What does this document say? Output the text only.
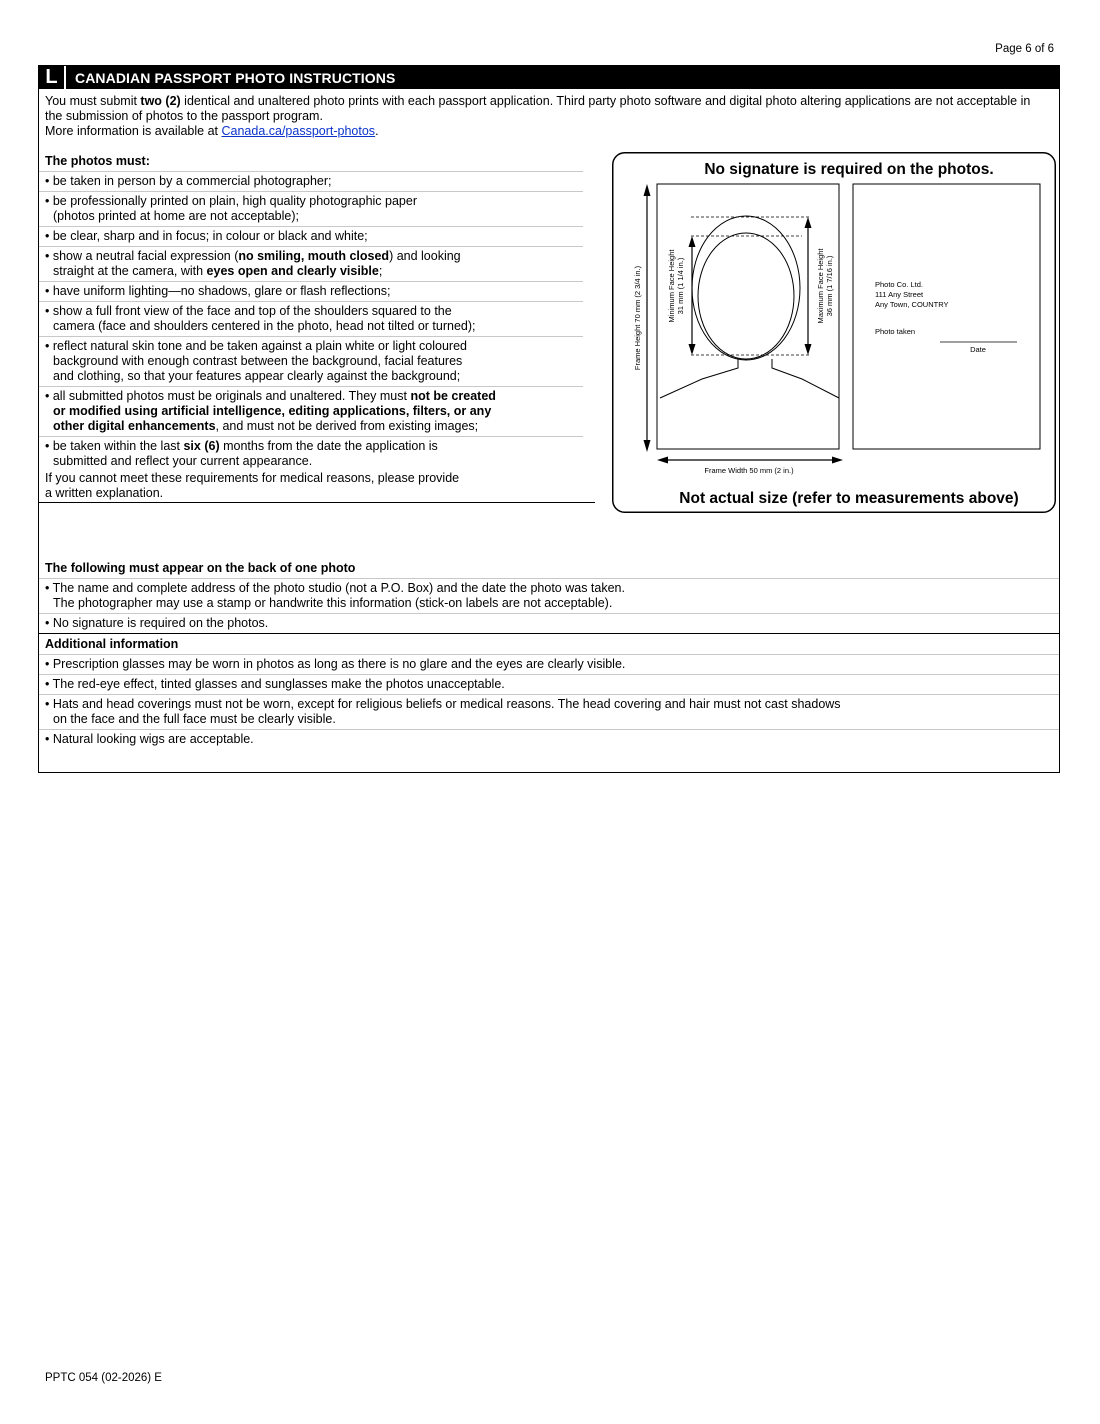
Page 6 of 6
L	CANADIAN PASSPORT PHOTO INSTRUCTIONS
You must submit two (2) identical and unaltered photo prints with each passport application. Third party photo software and digital photo altering applications are not acceptable in the submission of photos to the passport program.
More information is available at Canada.ca/passport-photos.
The photos must:
• be taken in person by a commercial photographer;
• be professionally printed on plain, high quality photographic paper
(photos printed at home are not acceptable);
• be clear, sharp and in focus; in colour or black and white;
• show a neutral facial expression (no smiling, mouth closed) and looking
straight at the camera, with eyes open and clearly visible;
• have uniform lighting—no shadows, glare or flash reflections;
• show a full front view of the face and top of the shoulders squared to the
camera (face and shoulders centered in the photo, head not tilted or turned);
• reflect natural skin tone and be taken against a plain white or light coloured
background with enough contrast between the background, facial features
and clothing, so that your features appear clearly against the background;
• all submitted photos must be originals and unaltered. They must not be created
or modified using artificial intelligence, editing applications, filters, or any
other digital enhancements, and must not be derived from existing images;
• be taken within the last six (6) months from the date the application is
submitted and reflect your current appearance.
If you cannot meet these requirements for medical reasons, please provide
a written explanation.
No signature is required on the photos.
Frame Height 70 mm (2 3/4 in.)	Minimum Face Height 31 mm (1 1/4 in.)	Maximum Face Height 36 mm (1 7/16 in.)
Frame Width 50 mm (2 in.)
Photo Co. Ltd.
111 Any Street
Any Town, COUNTRY
Photo taken
Date
Not actual size (refer to measurements above)
The following must appear on the back of one photo
• The name and complete address of the photo studio (not a P.O. Box) and the date the photo was taken.
The photographer may use a stamp or handwrite this information (stick-on labels are not acceptable).
• No signature is required on the photos.
Additional information
• Prescription glasses may be worn in photos as long as there is no glare and the eyes are clearly visible.
• The red-eye effect, tinted glasses and sunglasses make the photos unacceptable.
• Hats and head coverings must not be worn, except for religious beliefs or medical reasons. The head covering and hair must not cast shadows
on the face and the full face must be clearly visible.
• Natural looking wigs are acceptable.
PPTC 054 (02-2026) E
